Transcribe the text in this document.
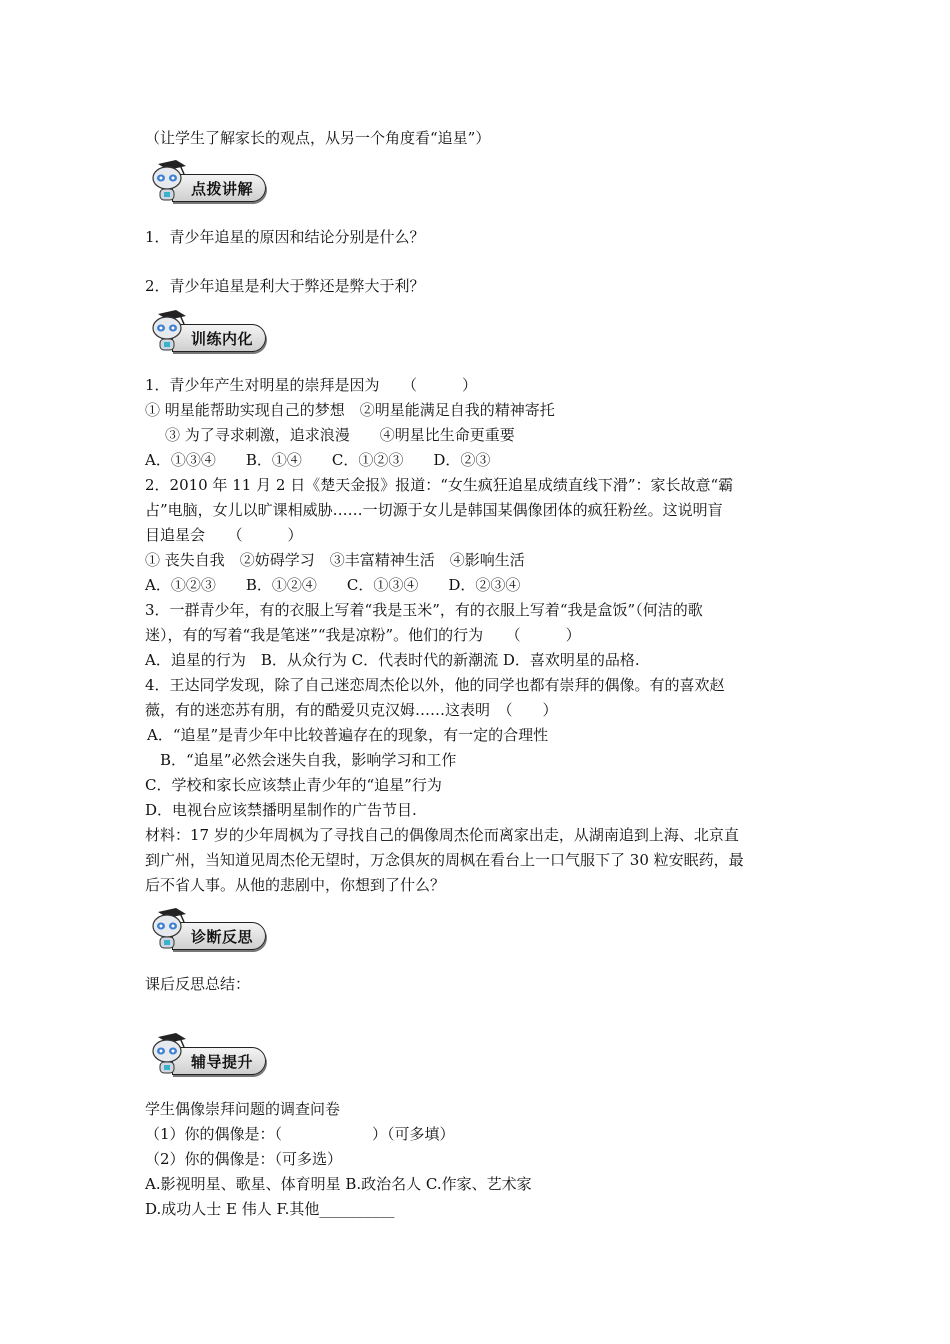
（让学生了解家长的观点，从另一个角度看“追星”）
点拨讲解
1．青少年追星的原因和结论分别是什么？
2．青少年追星是利大于弊还是弊大于利？
训练内化
1．青少年产生对明星的崇拜是因为　　（　　　）
① 明星能帮助实现自己的梦想　②明星能满足自我的精神寄托
③ 为了寻求刺激，追求浪漫　　④明星比生命更重要
A．①③④　　B．①④　　C．①②③　　D．②③
2．2010 年 11 月 2 日《楚天金报》报道：“女生疯狂追星成绩直线下滑”：家长故意“霸
占”电脑，女儿以旷课相威胁……一切源于女儿是韩国某偶像团体的疯狂粉丝。这说明盲
目追星会　　（　　　）
① 丧失自我　②妨碍学习　③丰富精神生活　④影响生活
A．①②③　　B．①②④　　C．①③④　　D．②③④
3．一群青少年，有的衣服上写着“我是玉米”，有的衣服上写着“我是盒饭”（何洁的歌
迷），有的写着“我是笔迷”“我是凉粉”。他们的行为　　（　　　）
A．追星的行为　B．从众行为 C．代表时代的新潮流 D．喜欢明星的品格.
4．王达同学发现，除了自己迷恋周杰伦以外，他的同学也都有崇拜的偶像。有的喜欢赵
薇，有的迷恋苏有朋，有的酷爱贝克汉姆……这表明　（　　）
A．“追星”是青少年中比较普遍存在的现象，有一定的合理性
B．“追星”必然会迷失自我，影响学习和工作
C．学校和家长应该禁止青少年的“追星”行为
D．电视台应该禁播明星制作的广告节目.
材料：17 岁的少年周枫为了寻找自己的偶像周杰伦而离家出走，从湖南追到上海、北京直
到广州，当知道见周杰伦无望时，万念俱灰的周枫在看台上一口气服下了 30 粒安眠药，最
后不省人事。从他的悲剧中，你想到了什么？
诊断反思
课后反思总结：
辅导提升
学生偶像崇拜问题的调查问卷
（1）你的偶像是：（　　　　　　）（可多填）
（2）你的偶像是：（可多选）
A.影视明星、歌星、体育明星 B.政治名人 C.作家、艺术家
D.成功人士 E 伟人 F.其他__________
